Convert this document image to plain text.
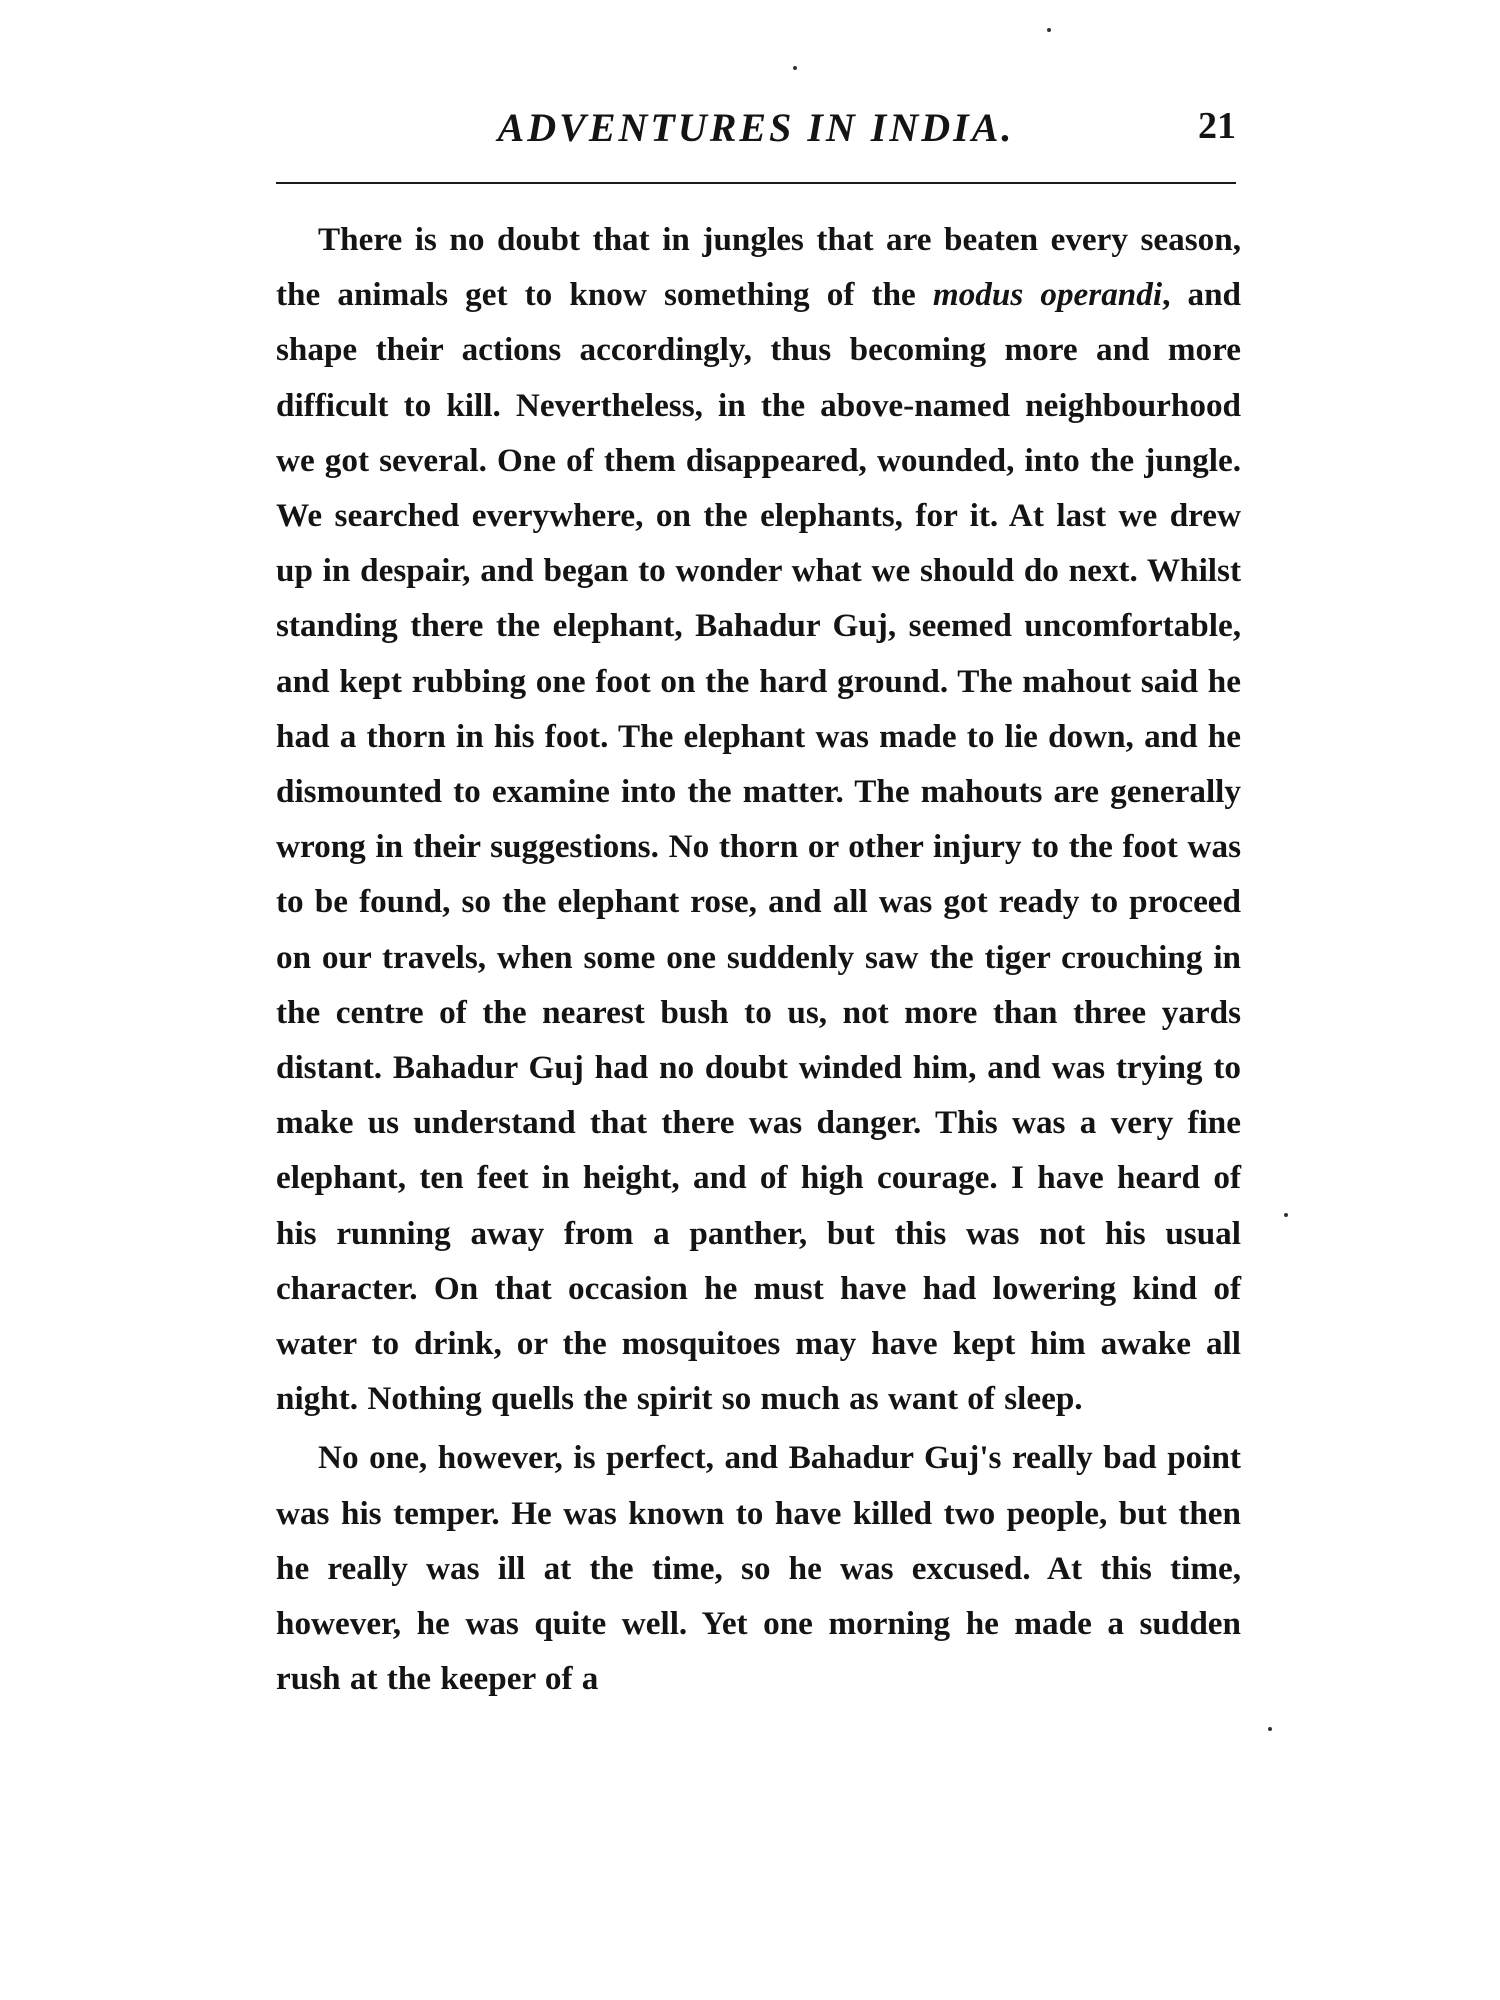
ADVENTURES IN INDIA.	21

There is no doubt that in jungles that are beaten every season, the animals get to know something of the modus operandi, and shape their actions accordingly, thus becoming more and more difficult to kill. Nevertheless, in the above-named neighbourhood we got several. One of them disappeared, wounded, into the jungle. We searched everywhere, on the elephants, for it. At last we drew up in despair, and began to wonder what we should do next. Whilst standing there the elephant, Bahadur Guj, seemed uncomfortable, and kept rubbing one foot on the hard ground. The mahout said he had a thorn in his foot. The elephant was made to lie down, and he dismounted to examine into the matter. The mahouts are generally wrong in their suggestions. No thorn or other injury to the foot was to be found, so the elephant rose, and all was got ready to proceed on our travels, when some one suddenly saw the tiger crouching in the centre of the nearest bush to us, not more than three yards distant. Bahadur Guj had no doubt winded him, and was trying to make us understand that there was danger. This was a very fine elephant, ten feet in height, and of high courage. I have heard of his running away from a panther, but this was not his usual character. On that occasion he must have had lowering kind of water to drink, or the mosquitoes may have kept him awake all night. Nothing quells the spirit so much as want of sleep.

No one, however, is perfect, and Bahadur Guj's really bad point was his temper. He was known to have killed two people, but then he really was ill at the time, so he was excused. At this time, however, he was quite well. Yet one morning he made a sudden rush at the keeper of a
